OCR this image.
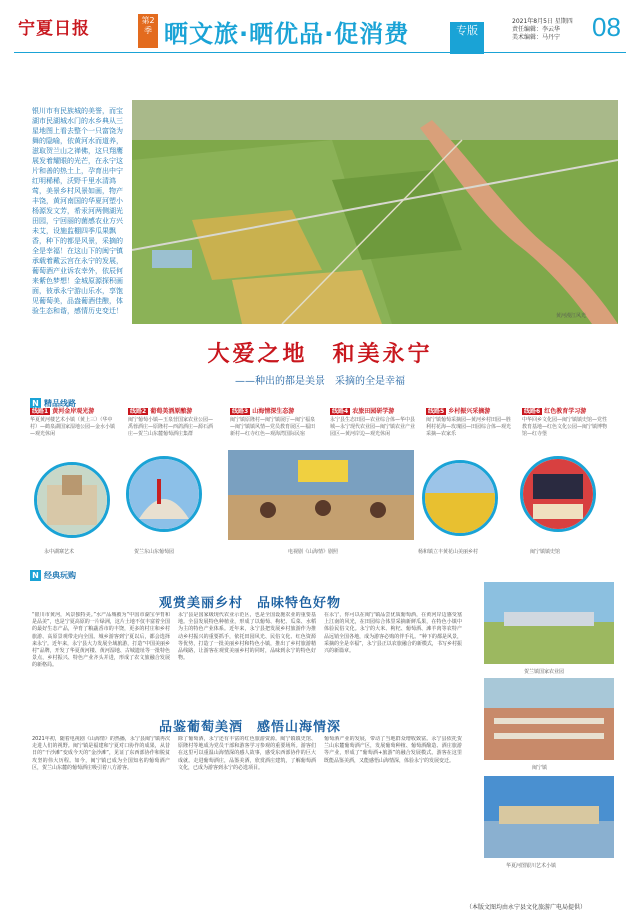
宁夏日报	第2季 晒文旅·晒优品·促消费	专版
2021年8月5日 星期四
责任编辑：李云华
美术编辑：马丹宁	08
银川市有民族城的美誉，而宝湖市民湖城水门的水乡典从三星地图上看去整个一只富饶为舞的隐喻，依黄河水而道养，滋取贺兰山之禅佛，这只翔鹰展发着耀眼的光芒，在永宁这片和善的热土上，孕育出中宁红明稀稀，沃野千里水清鸿莺，美景乡村风景如画，物产丰饶，黄河南国的华夏河塑小杨源发文芳，希汞河两侧湖光田园，宁回丽的菌感农业方兴未艾，设施监棚四季瓜果飘香，种下的都是风景，采摘的全是幸福！在这山下的闽宁镇承载着戴云宫在永宁的发展，葡萄酒产业诉农幸外，依辰何来紫色梦想！金城原源探积画面，彼承永宁游山乐水，享饱见葡萄美，品盎葡酒佳酿，体验生态和谐，感情历史变迁！
黄河漫江风光
大爱之地　和美永宁
——种出的都是美景　采摘的全是幸福
N 精品线路
线路1 黄河金岸观光游
华夏黄河楼艺术小镇（黄上三）（华中村）—鹤泉湖国家湿地公园—金水小镇—观光休闲
线路2 葡萄美酒原酿游
闽宁葡萄小镇—玉泉营国家农业公园—禹蓉酒庄—原隆村—西鸽酒庄—源石酒庄—贺兰山东麓葡萄酒庄集群
线路3 山海情深生态游
闽宁镇原隆村—闽宁镇展厅—闽宁福泉—闽宁镇镇风情—党员教育展区—福田新村—红寺红色—观海湾国际民宿
线路4 农旅田园研学游
永宁县生态田园—农业综合体—华中县城—永宁现代农业园—闽宁镇农业产业园区—黄河岸边—观光休闲
线路5 乡村振兴采摘游
闽宁镇葡萄采摘园—黄河乡村田园—胜利村花海—玫瑰园—田园综合体—观光采摘—农家乐
线路6 红色教育学习游
中华回乡文化园—闽宁镇镇史馆—党性教育基地—红色文化公园—闽宁镇博物馆—红寺堡
永中湖寨艺术	贺兰东山东葡萄园	电视剧《山海情》剧照	杨和镇立丰黄花山美丽乡村	闽宁镇镇史馆
N 经典玩购
观赏美丽乡村　品味特色好物
“银川市黄河，风景独特美。”水产品城被为“中国市湖宝孕育和是品美”，也是宁夏高原的一片绿洲，这片土地不仅丰富着全国的最好生态产品，孕育了粮蔬香市的丰饶，更多的村庄和乡村旅游、高原景观带走向全国。城乡游客到宁夏以后，都会选择来永宁。近年来，永宁县大力发展全域旅游，打造“中国美丽乡村”品牌，开发了华夏黄河楼、黄河湿地、古城遗址等一批特色景点，乡村振兴、特色产业齐头并进，形成了农文旅融合发展的新格局。
永宁县是国家级现代农业示范区，也是全国设施农业的重要基地。全县发展特色种植业，形成了以葡萄、枸杞、瓜菜、水稻为主的特色产业体系。近年来，永宁县把发展乡村旅游作为推动乡村振兴的重要抓手，依托田园风光、民俗文化、红色资源等优势，打造了一批美丽乡村和特色小镇，推出了乡村旅游精品线路，让游客在观赏美丽乡村的同时，品味到永宁的特色好物。
在永宁，你可以在闽宁镇品尝优质葡萄酒，在黄河岸边感受塞上江南的风光，在田园综合体里采摘新鲜瓜果，在特色小镇中体验民俗文化。永宁的大米、枸杞、葡萄酒、滩羊肉等农特产品远销全国各地，成为游客必购的伴手礼。“种下的都是风景，采摘的全是幸福”，永宁县正以农旅融合的新模式，书写乡村振兴的新篇章。
品鉴葡萄美酒　感悟山海情深
2021年初，随着电视剧《山海情》的热播，永宁县闽宁镇再次走进人们的视野。闽宁镇是福建和宁夏对口协作的成果，从昔日的“干沙滩”变成今天的“金沙滩”，见证了东西部协作和脱贫攻坚的伟大历程。如今，闽宁镇已成为全国知名的葡萄酒产区，贺兰山东麓的葡萄酒庄吸引着八方游客。
除了葡萄酒，永宁还有丰富的红色旅游资源。闽宁镇镇史馆、原隆村等地成为党员干部和游客学习参观的重要场所。游客们在这里可以重温山海情深的感人故事，感受东西部协作的巨大成就。走进葡萄酒庄，品鉴美酒，欣赏酒庄建筑，了解葡萄酒文化，已成为游客到永宁的必选项目。
葡萄酒产业的发展，带动了当地群众增收致富。永宁县依托贺兰山东麓葡萄酒产区，发展葡萄种植、葡萄酒酿造、酒庄旅游等产业，形成了“葡萄酒+旅游”的融合发展模式。游客在这里既能品鉴美酒，又能感悟山海情深，体验永宁的发展变迁。
贺兰镇国家农业园
闽宁镇
华夏河图银川艺术小镇
（本版文图均由永宁县文化旅游广电局提供）
